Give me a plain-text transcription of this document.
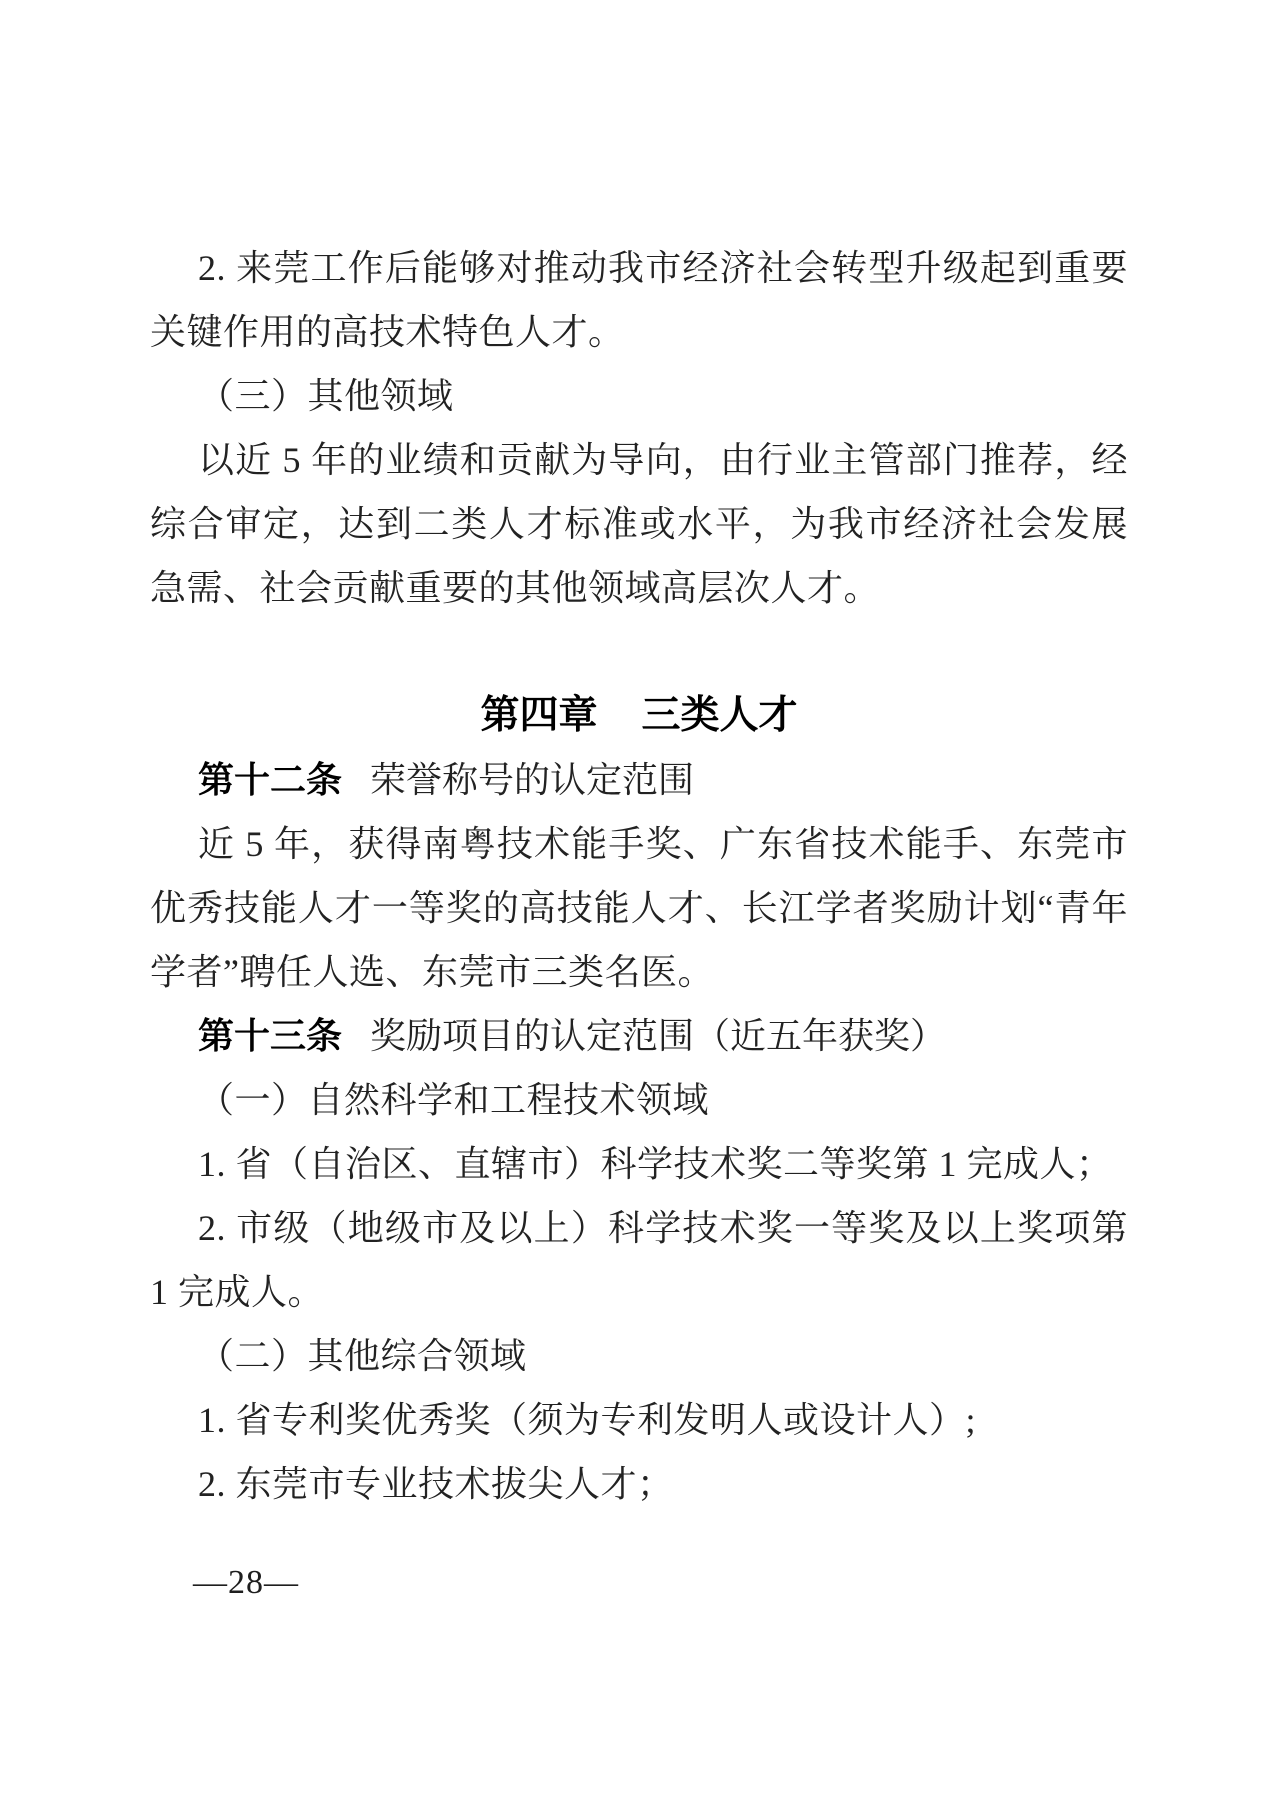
2. 来莞工作后能够对推动我市经济社会转型升级起到重要关键作用的高技术特色人才。

（三）其他领域

以近 5 年的业绩和贡献为导向，由行业主管部门推荐，经综合审定，达到二类人才标准或水平，为我市经济社会发展急需、社会贡献重要的其他领域高层次人才。

第四章 三类人才

第十二条 荣誉称号的认定范围

近 5 年，获得南粤技术能手奖、广东省技术能手、东莞市优秀技能人才一等奖的高技能人才、长江学者奖励计划“青年学者”聘任人选、东莞市三类名医。

第十三条 奖励项目的认定范围（近五年获奖）

（一）自然科学和工程技术领域

1. 省（自治区、直辖市）科学技术奖二等奖第 1 完成人；

2. 市级（地级市及以上）科学技术奖一等奖及以上奖项第 1 完成人。

（二）其他综合领域

1. 省专利奖优秀奖（须为专利发明人或设计人）;

2. 东莞市专业技术拔尖人才；

—28—
